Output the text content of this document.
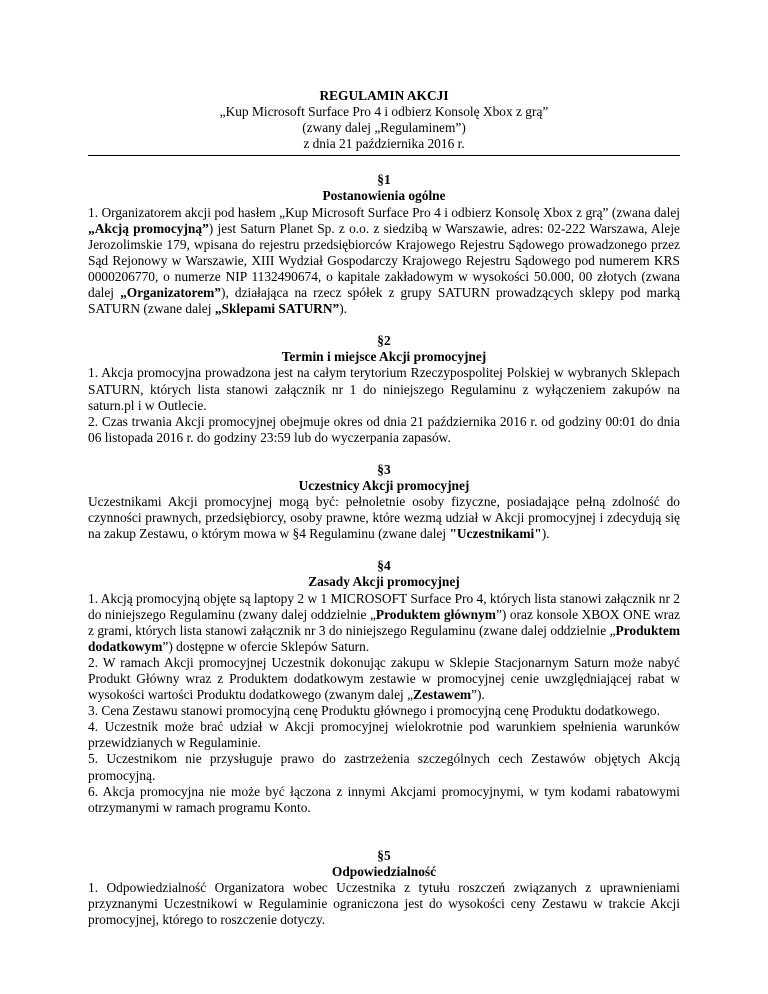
REGULAMIN AKCJI

„Kup Microsoft Surface Pro 4 i odbierz Konsolę Xbox z grą”

(zwany dalej „Regulaminem”)

z dnia 21 października 2016 r.

§1

Postanowienia ogólne

1. Organizatorem akcji pod hasłem „Kup Microsoft Surface Pro 4 i odbierz Konsolę Xbox z grą” (zwana dalej „Akcją promocyjną”) jest Saturn Planet Sp. z o.o. z siedzibą w Warszawie, adres: 02-222 Warszawa, Aleje Jerozolimskie 179, wpisana do rejestru przedsiębiorców Krajowego Rejestru Sądowego prowadzonego przez Sąd Rejonowy w Warszawie, XIII Wydział Gospodarczy Krajowego Rejestru Sądowego pod numerem KRS 0000206770, o numerze NIP 1132490674, o kapitale zakładowym w wysokości 50.000, 00 złotych (zwana dalej „Organizatorem”), działająca na rzecz spółek z grupy SATURN prowadzących sklepy pod marką SATURN (zwane dalej „Sklepami SATURN”).

§2

Termin i miejsce Akcji promocyjnej

1. Akcja promocyjna prowadzona jest na całym terytorium Rzeczypospolitej Polskiej w wybranych Sklepach SATURN, których lista stanowi załącznik nr 1 do niniejszego Regulaminu z wyłączeniem zakupów na saturn.pl i w Outlecie.

2. Czas trwania Akcji promocyjnej obejmuje okres od dnia 21 października 2016 r. od godziny 00:01 do dnia 06 listopada 2016 r. do godziny 23:59 lub do wyczerpania zapasów.

§3

Uczestnicy Akcji promocyjnej

Uczestnikami Akcji promocyjnej mogą być: pełnoletnie osoby fizyczne, posiadające pełną zdolność do czynności prawnych, przedsiębiorcy, osoby prawne, które wezmą udział w Akcji promocyjnej i zdecydują się na zakup Zestawu, o którym mowa w §4 Regulaminu (zwane dalej "Uczestnikami").

§4

Zasady Akcji promocyjnej

1. Akcją promocyjną objęte są laptopy 2 w 1 MICROSOFT Surface Pro 4, których lista stanowi załącznik nr 2 do niniejszego Regulaminu (zwany dalej oddzielnie „Produktem głównym”) oraz konsole XBOX ONE wraz z grami, których lista stanowi załącznik nr 3 do niniejszego Regulaminu (zwane dalej oddzielnie „Produktem dodatkowym”) dostępne w ofercie Sklepów Saturn.

2. W ramach Akcji promocyjnej Uczestnik dokonując zakupu w Sklepie Stacjonarnym Saturn może nabyć Produkt Główny wraz z Produktem dodatkowym zestawie w promocyjnej cenie uwzględniającej rabat w wysokości wartości Produktu dodatkowego (zwanym dalej „Zestawem”).

3. Cena Zestawu stanowi promocyjną cenę Produktu głównego i promocyjną cenę Produktu dodatkowego.

4. Uczestnik może brać udział w Akcji promocyjnej wielokrotnie pod warunkiem spełnienia warunków przewidzianych w Regulaminie.

5. Uczestnikom nie przysługuje prawo do zastrzeżenia szczególnych cech Zestawów objętych Akcją promocyjną.

6. Akcja promocyjna nie może być łączona z innymi Akcjami promocyjnymi, w tym kodami rabatowymi otrzymanymi w ramach programu Konto.

§5

Odpowiedzialność

1. Odpowiedzialność Organizatora wobec Uczestnika z tytułu roszczeń związanych z uprawnieniami przyznanymi Uczestnikowi w Regulaminie ograniczona jest do wysokości ceny Zestawu w trakcie Akcji promocyjnej, którego to roszczenie dotyczy.
